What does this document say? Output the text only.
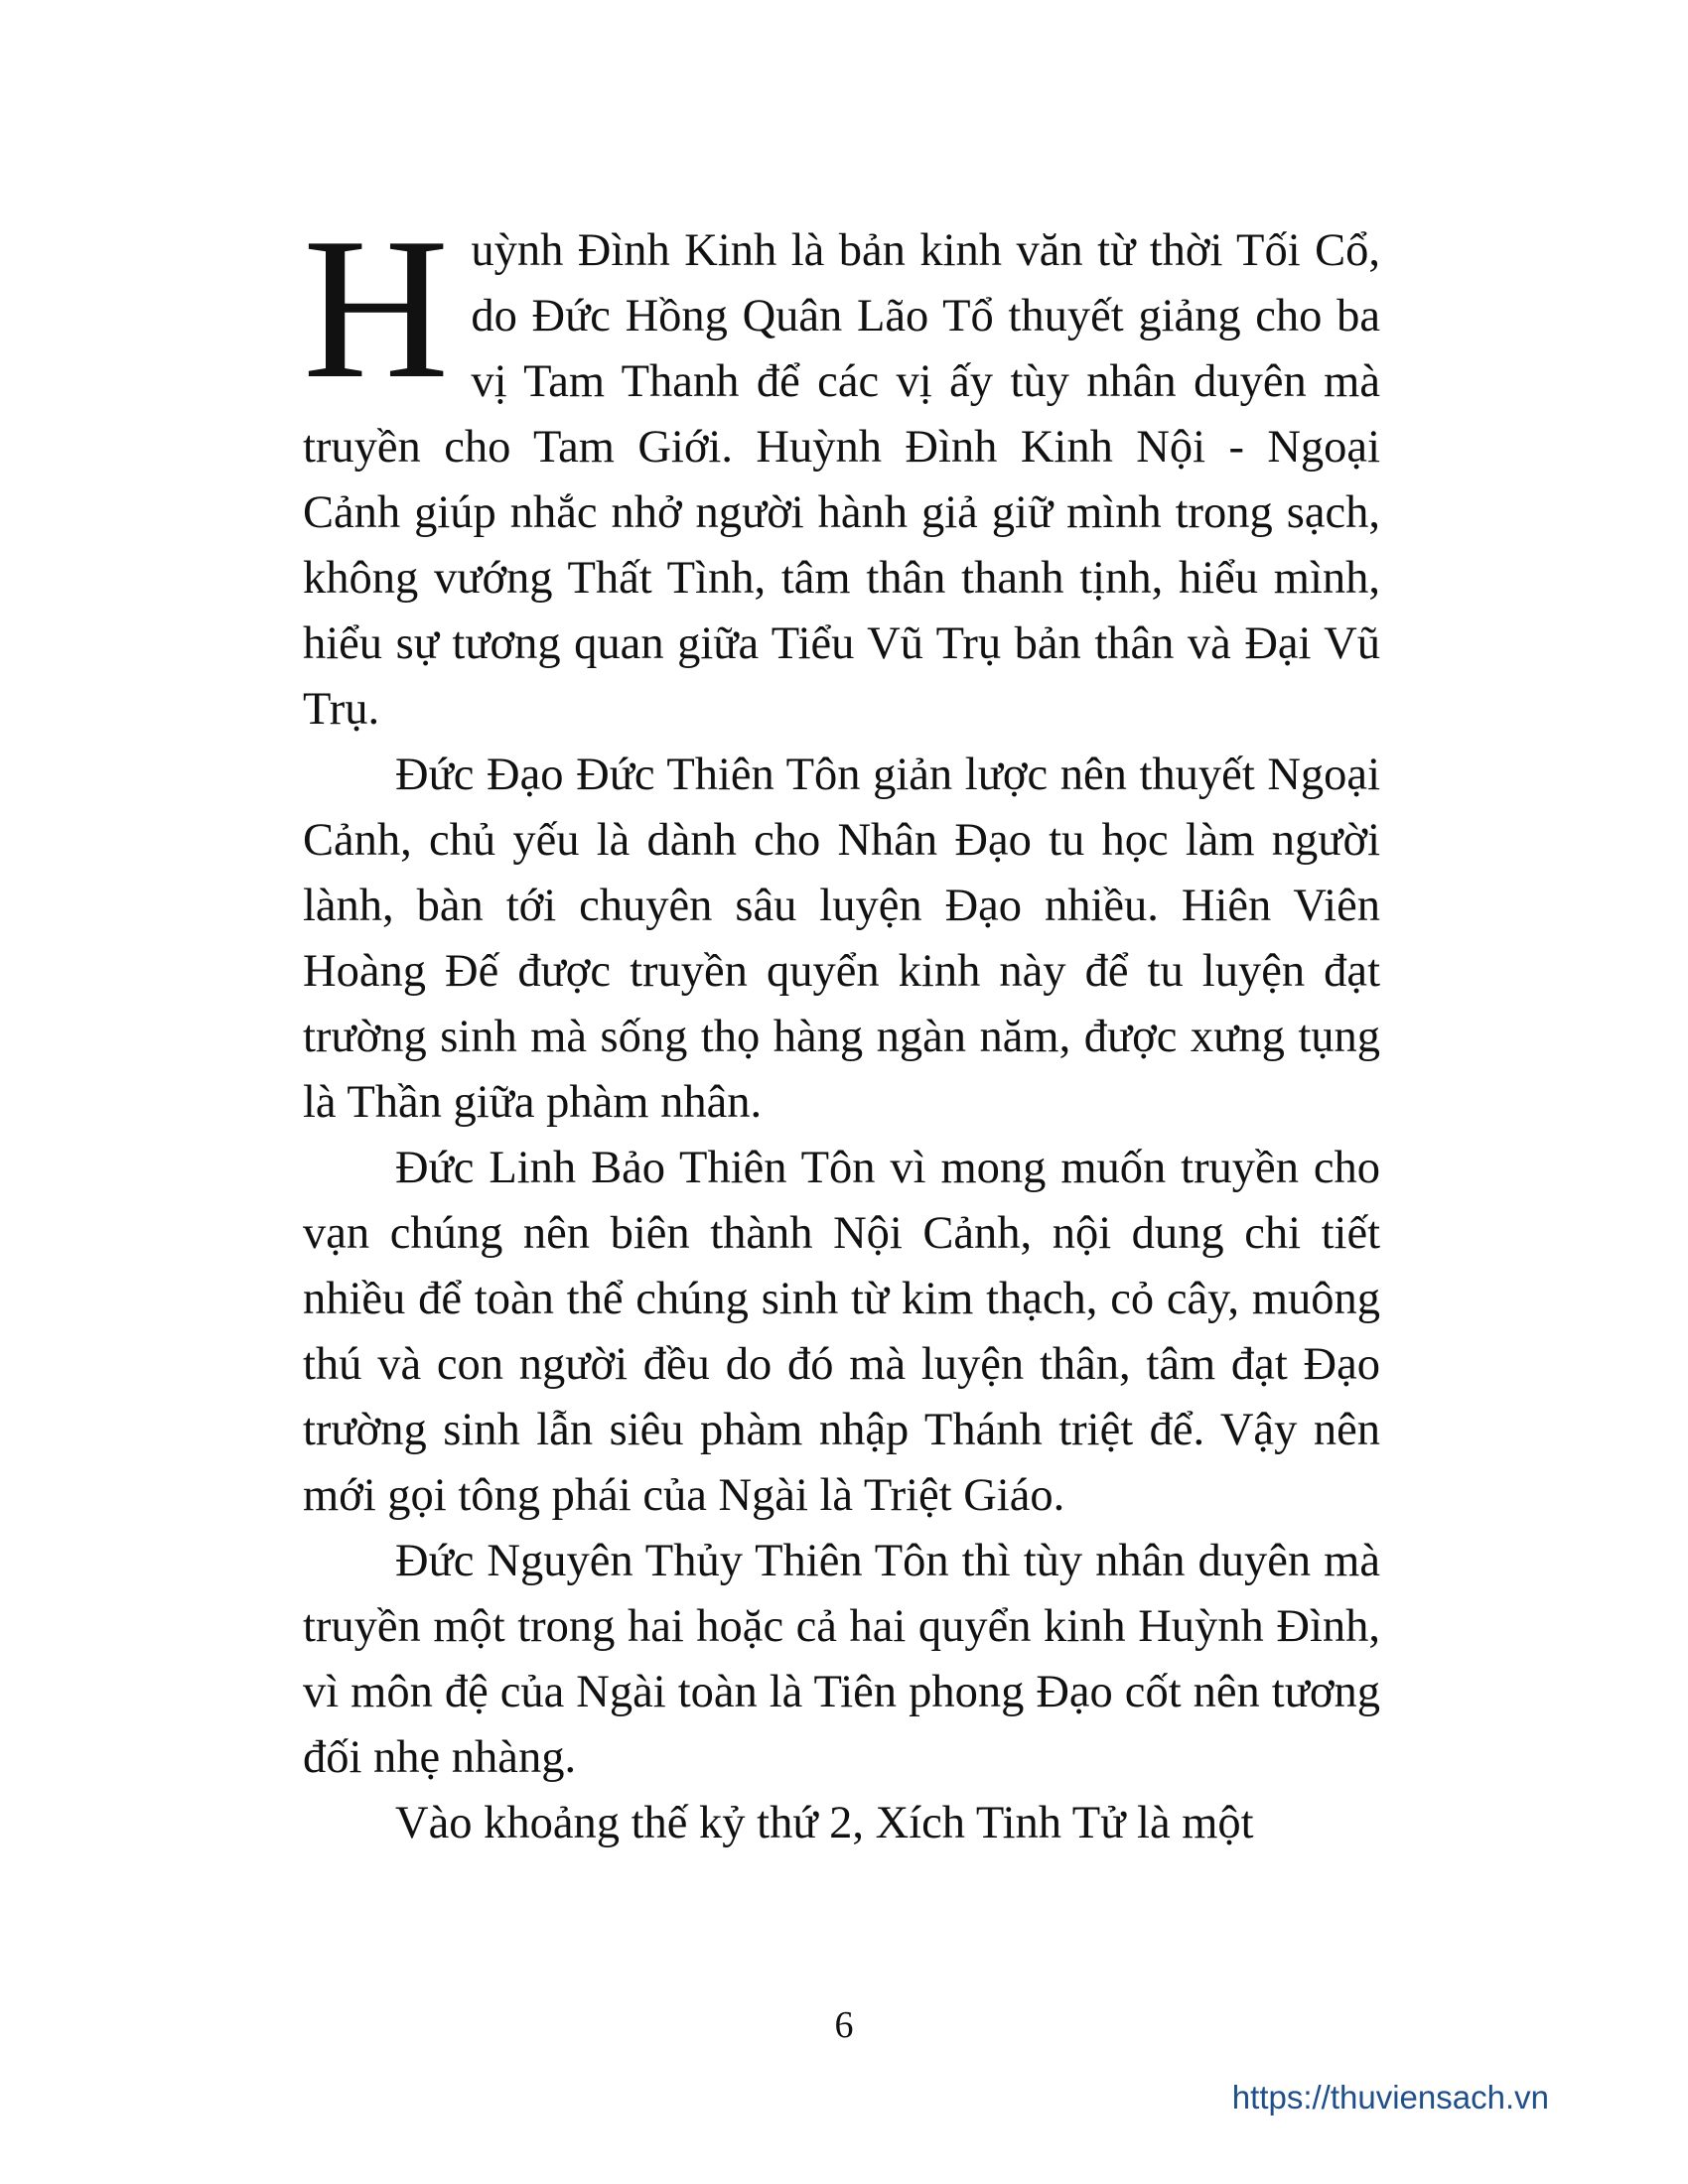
Huỳnh Đình Kinh là bản kinh văn từ thời Tối Cổ, do Đức Hồng Quân Lão Tổ thuyết giảng cho ba vị Tam Thanh để các vị ấy tùy nhân duyên mà truyền cho Tam Giới. Huỳnh Đình Kinh Nội - Ngoại Cảnh giúp nhắc nhở người hành giả giữ mình trong sạch, không vướng Thất Tình, tâm thân thanh tịnh, hiểu mình, hiểu sự tương quan giữa Tiểu Vũ Trụ bản thân và Đại Vũ Trụ.

Đức Đạo Đức Thiên Tôn giản lược nên thuyết Ngoại Cảnh, chủ yếu là dành cho Nhân Đạo tu học làm người lành, bàn tới chuyên sâu luyện Đạo nhiều. Hiên Viên Hoàng Đế được truyền quyển kinh này để tu luyện đạt trường sinh mà sống thọ hàng ngàn năm, được xưng tụng là Thần giữa phàm nhân.

Đức Linh Bảo Thiên Tôn vì mong muốn truyền cho vạn chúng nên biên thành Nội Cảnh, nội dung chi tiết nhiều để toàn thể chúng sinh từ kim thạch, cỏ cây, muông thú và con người đều do đó mà luyện thân, tâm đạt Đạo trường sinh lẫn siêu phàm nhập Thánh triệt để. Vậy nên mới gọi tông phái của Ngài là Triệt Giáo.

Đức Nguyên Thủy Thiên Tôn thì tùy nhân duyên mà truyền một trong hai hoặc cả hai quyển kinh Huỳnh Đình, vì môn đệ của Ngài toàn là Tiên phong Đạo cốt nên tương đối nhẹ nhàng.

Vào khoảng thế kỷ thứ 2, Xích Tinh Tử là một

6
https://thuviensach.vn
